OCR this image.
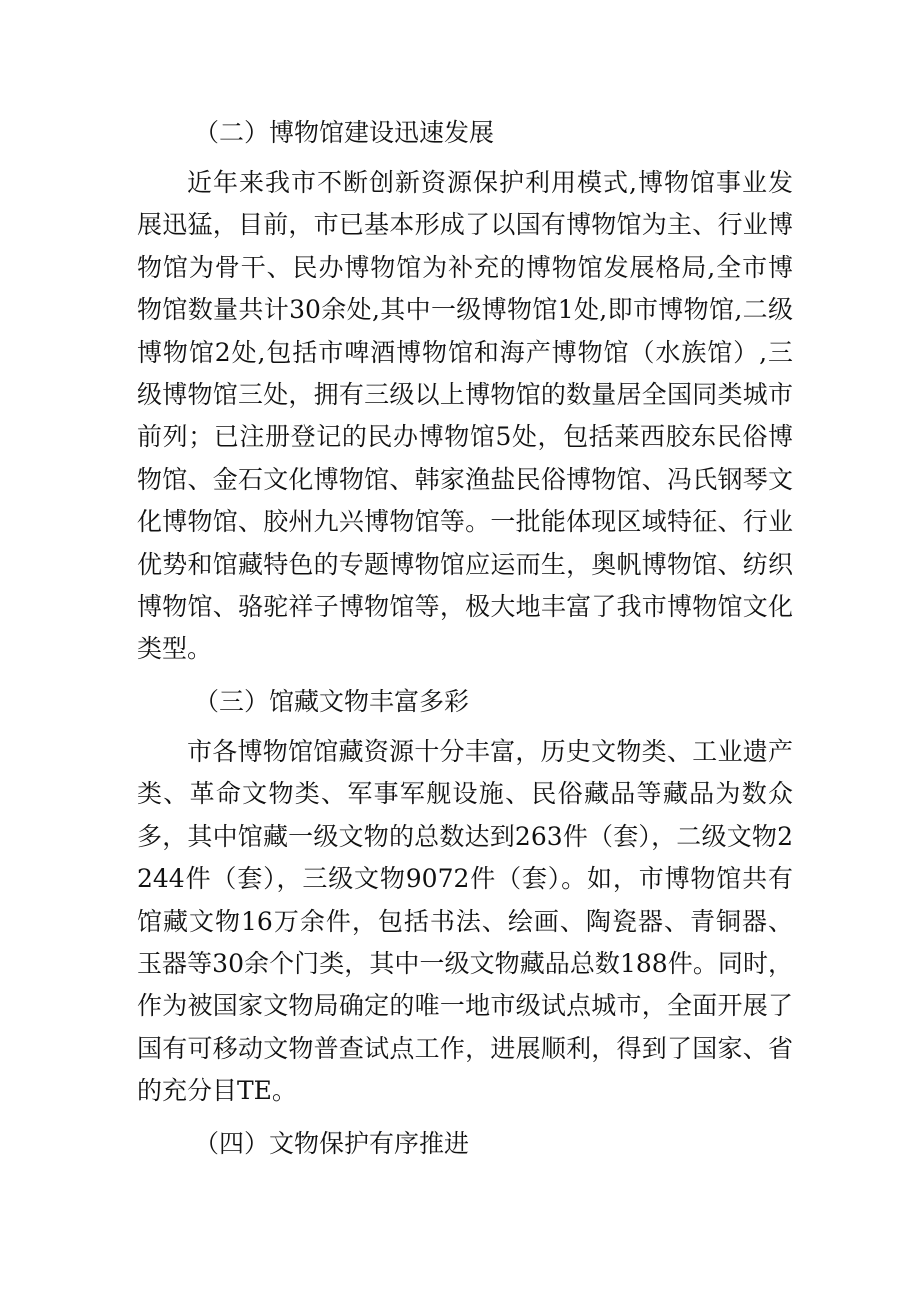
（二）博物馆建设迅速发展

近年来我市不断创新资源保护利用模式,博物馆事业发展迅猛，目前，市已基本形成了以国有博物馆为主、行业博物馆为骨干、民办博物馆为补充的博物馆发展格局,全市博物馆数量共计30余处,其中一级博物馆1处,即市博物馆,二级博物馆2处,包括市啤酒博物馆和海产博物馆（水族馆）,三级博物馆三处，拥有三级以上博物馆的数量居全国同类城市前列；已注册登记的民办博物馆5处，包括莱西胶东民俗博物馆、金石文化博物馆、韩家渔盐民俗博物馆、冯氏钢琴文化博物馆、胶州九兴博物馆等。一批能体现区域特征、行业优势和馆藏特色的专题博物馆应运而生，奥帆博物馆、纺织博物馆、骆驼祥子博物馆等，极大地丰富了我市博物馆文化类型。

（三）馆藏文物丰富多彩

市各博物馆馆藏资源十分丰富，历史文物类、工业遗产类、革命文物类、军事军舰设施、民俗藏品等藏品为数众多，其中馆藏一级文物的总数达到263件（套），二级文物2244件（套），三级文物9072件（套）。如，市博物馆共有馆藏文物16万余件，包括书法、绘画、陶瓷器、青铜器、玉器等30余个门类，其中一级文物藏品总数188件。同时，作为被国家文物局确定的唯一地市级试点城市，全面开展了国有可移动文物普查试点工作，进展顺利，得到了国家、省的充分目TE。

（四）文物保护有序推进
